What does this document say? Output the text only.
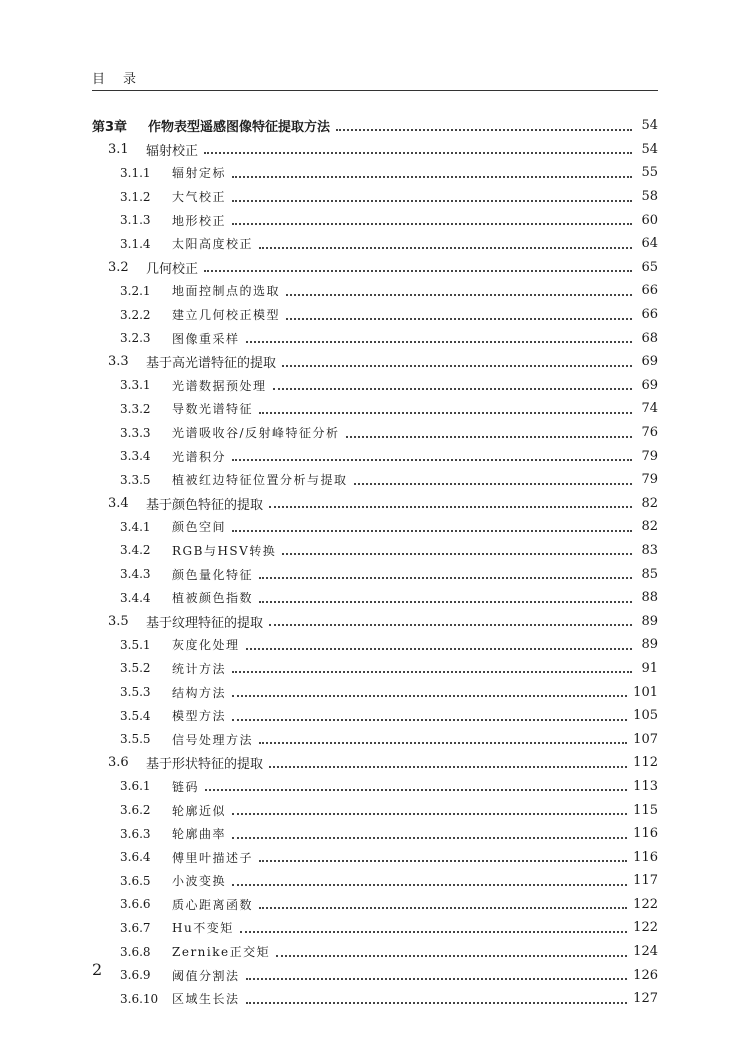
目录
第3章	作物表型遥感图像特征提取方法	54
3.1	辐射校正	54
3.1.1	辐射定标	55
3.1.2	大气校正	58
3.1.3	地形校正	60
3.1.4	太阳高度校正	64
3.2	几何校正	65
3.2.1	地面控制点的选取	66
3.2.2	建立几何校正模型	66
3.2.3	图像重采样	68
3.3	基于高光谱特征的提取	69
3.3.1	光谱数据预处理	69
3.3.2	导数光谱特征	74
3.3.3	光谱吸收谷/反射峰特征分析	76
3.3.4	光谱积分	79
3.3.5	植被红边特征位置分析与提取	79
3.4	基于颜色特征的提取	82
3.4.1	颜色空间	82
3.4.2	RGB与HSV转换	83
3.4.3	颜色量化特征	85
3.4.4	植被颜色指数	88
3.5	基于纹理特征的提取	89
3.5.1	灰度化处理	89
3.5.2	统计方法	91
3.5.3	结构方法	101
3.5.4	模型方法	105
3.5.5	信号处理方法	107
3.6	基于形状特征的提取	112
3.6.1	链码	113
3.6.2	轮廓近似	115
3.6.3	轮廓曲率	116
3.6.4	傅里叶描述子	116
3.6.5	小波变换	117
3.6.6	质心距离函数	122
3.6.7	Hu不变矩	122
3.6.8	Zernike正交矩	124
3.6.9	阈值分割法	126
3.6.10	区域生长法	127
2
